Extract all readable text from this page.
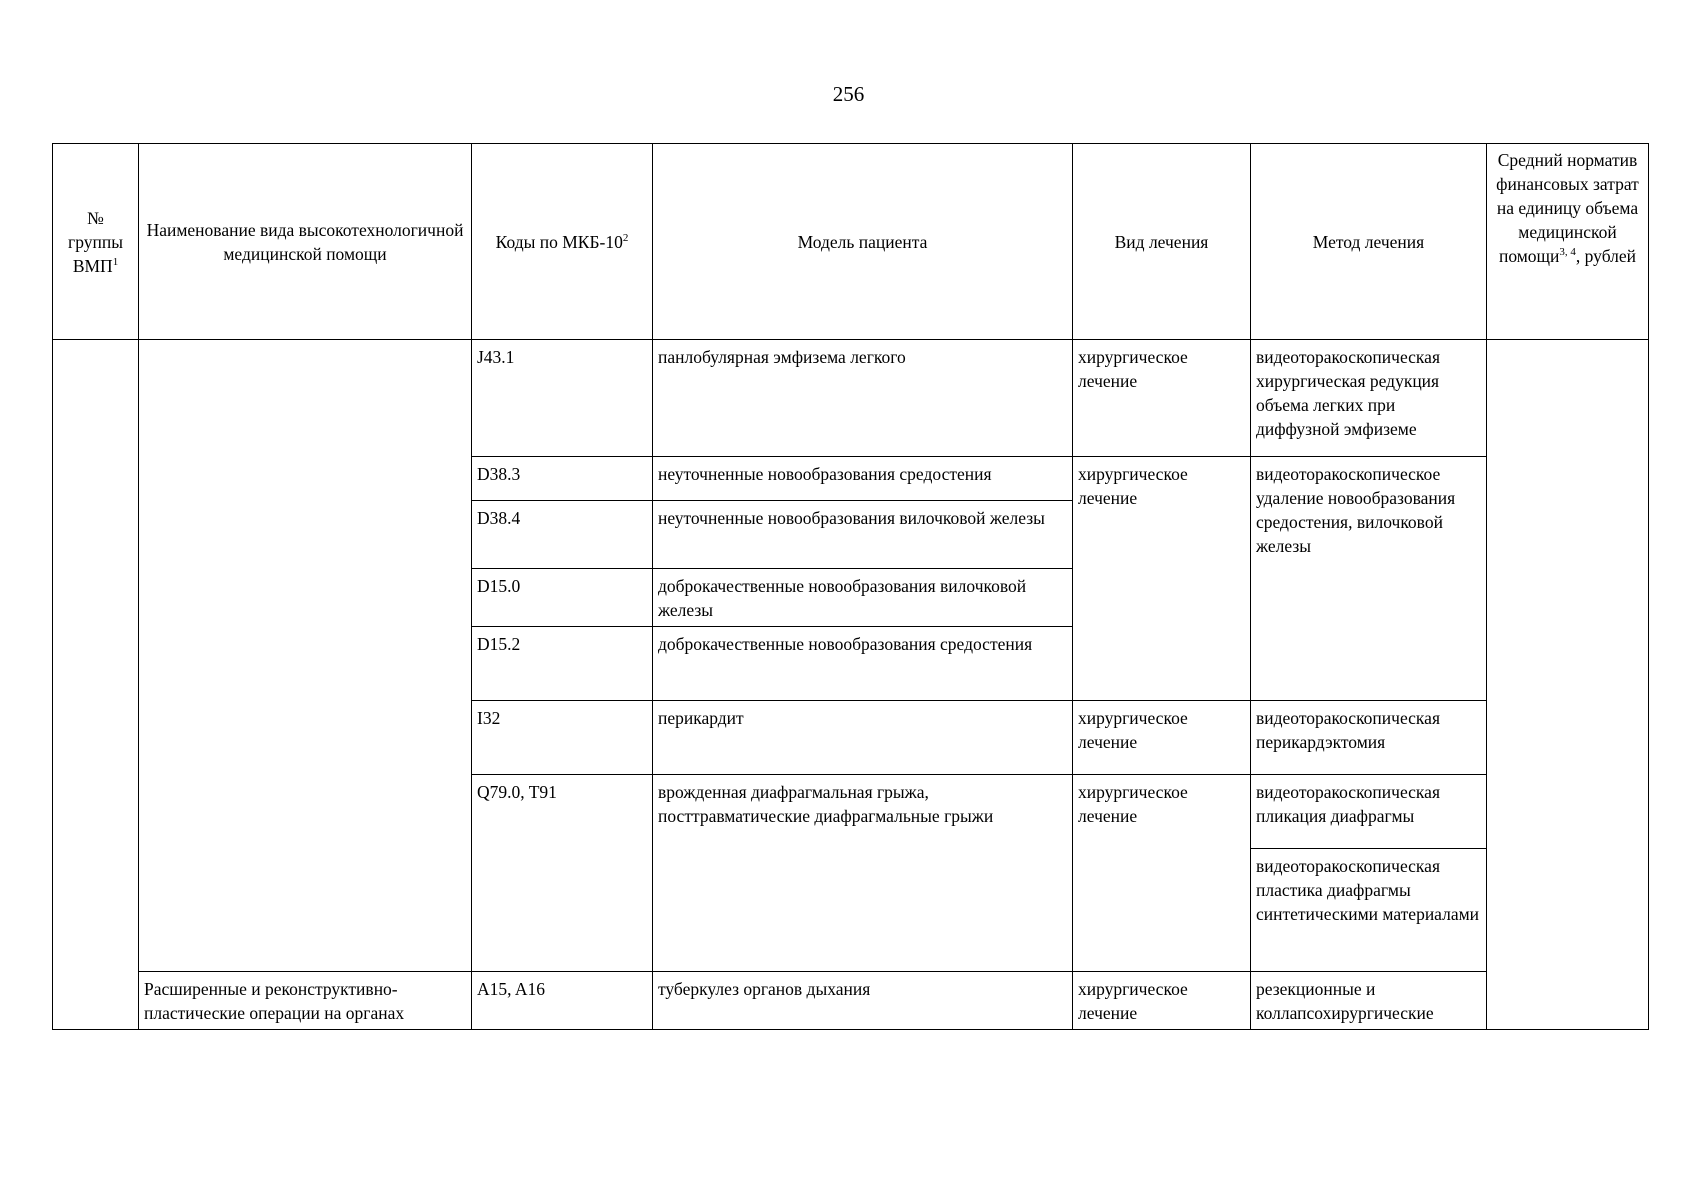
256
№
группы
ВМП$^1$	Наименование вида высокотехнологичной медицинской помощи	Коды по МКБ-$10^2$	Модель пациента	Вид лечения	Метод лечения	Средний норматив финансовых затрат на единицу объема медицинской помощи$^{3, 4}$, рублей
		J43.1	панлобулярная эмфизема легкого	хирургическое лечение	видеоторакоскопическая хирургическая редукция объема легких при диффузной эмфиземе	
		D38.3	неуточненные новообразования средостения	хирургическое лечение	видеоторакоскопическое удаление новообразования средостения, вилочковой железы	
		D38.4	неуточненные новообразования вилочковой железы			
		D15.0	доброкачественные новообразования вилочковой железы			
		D15.2	доброкачественные новообразования средостения			
		I32	перикардит	хирургическое лечение	видеоторакоскопическая перикардэктомия	
		Q79.0, T91	врожденная диафрагмальная грыжа, посттравматические диафрагмальные грыжи	хирургическое лечение	видеоторакоскопическая пликация диафрагмы	
					видеоторакоскопическая пластика диафрагмы синтетическими материалами	
	Расширенные и реконструктивно-пластические операции на органах	A15, A16	туберкулез органов дыхания	хирургическое лечение	резекционные и коллапсохирургические	
